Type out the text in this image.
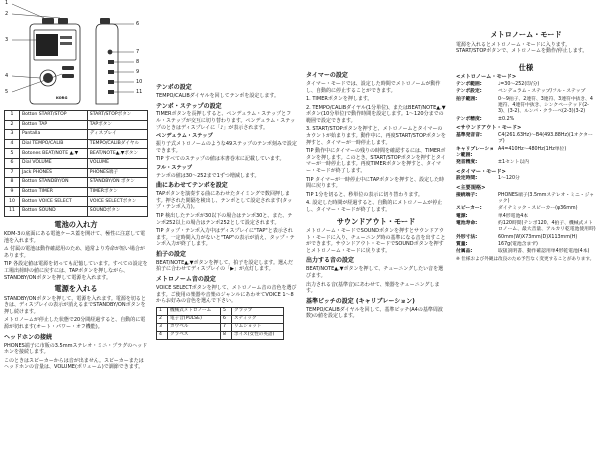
1
2
3
4
5
6
7
8
9
10
11
KDM-3
KORG
1	Botton START/STOP	START/STOPボタン
2	Botton TAP	TAPボタン
3	Pantalla	ディスプレイ
4	Dial TEMPO/CALIB	TEMPO/CALIBダイヤル
5	Botones BEAT/NOTE ▲,▼	BEAT/NOTE▲,▼ボタン
6	Dial VOLUME	VOLUME
7	Jack PHONES	PHONES端子
8	Botton STANDBY/ON	STANDBY/ON ボタン
9	Botton TIMER	TIMERボタン
10	Botton VOICE SELECT	VOICE SELECTボタン
11	Botton SOUND	SOUNDボタン
電池の入れ方

KDM-3の底面にある電池ケース蓋を開けて、極性に注意して電池を入れます。

⚠ 付属の電池は動作確認用のため、通常より寿命が短い場合があります。

TIP 各設定値は電源を切っても記憶しています。すべての設定を工場出荷時の値に戻すには、TAPボタンを押しながら、STANDBY/ONボタンを押して電源を入れます。

電源を入れる

STANDBY/ONボタンを押して、電源を入れます。電源を切るときは、ディスプレイの表示が消えるまでSTANDBY/ONボタンを押し続けます。

メトロノームが停止した状態で20分間経過すると、自動的に電源が切れます(オート・パワー・オフ機能)。

ヘッドホンの接続

PHONES端子に市販の3.5mmステレオ・ミニ・プラグのヘッドホンを接続します。

このときはスピーカーからは音が出ません。スピーカーまたはヘッドホンの音量は、VOLUME(ボリューム)で調節できます。

テンポの設定

TEMPO/CALIBダイヤルを回してテンポを設定します。

テンポ・ステップの設定

TIMERボタンを長押しすると、ペンデュラム・ステップとフル・ステップが交互に切り替わります。ペンデュラム・ステップのときはディスプレイに「♪」が表示されます。

ペンデュラム・ステップ

振り子式メトロノームのような49ステップのテンポ刻みで設定できます。

TIP すべてのステップの値は本書巻末に記載しています。

フル・ステップ

テンポの値は30～252まで1ずつ増減します。

曲にあわせてテンポを設定

TAPボタンを演奏する曲にあわせたタイミングで数回押します。押された間隔を検出し、テンポとして設定されます(タップ・テンポ入力)。

TIP 検出したテンポが30以下の場合はテンポ30と、また、テンポ252以上の場合はテンポ252として設定されます。

TIP タップ・テンポ入力中はディスプレイに"TAP"と表示されます。一定時間入力がないと"TAP"の表示が消え、タップ・テンポ入力が終了します。

拍子の設定

BEAT/NOTE▲,▼ボタンを押して、拍子を設定します。選んだ拍子に合わせてディスプレイの「▶」が点灯します。

メトロノーム音の設定

VOICE SELECTボタンを押して、メトロノーム音の音色を選びます。ご使用の楽器や音楽のジャンルにあわせてVOICE 1～8からお好みの音色を選んで下さい。

1	機械式メトロノーム	5	クラップ
2	電子音(PULSE)	6	スティック
3	カウベル	7	リムショット
4	クラベス	8	ボイス(女性の英語)
タイマーの設定

タイマー・モードでは、設定した時間でメトロノームが動作し、自動的に停止することができます。

1. TIMERボタンを押します。

2. TEMPO/CALIBダイヤル(1分単位)、またはBEAT/NOTE▲,▼ボタン(10分単位)で動作時間を設定します。1～120分までの範囲で設定できます。

3. START/STOPボタンを押すと、メトロノームとタイマーのカウントが始まります。動作中に、再度START/STOPボタンを押すと、タイマーが一時停止します。

TIP 動作中にタイマーの残りの時間を確認するには、TIMERボタンを押します。このとき、START/STOPボタンを押すとタイマーが一時停止します。再度TIMERボタンを押すと、タイマー・モードが終了します。

TIP タイマーが一時停止中にTAPボタンを押すと、設定した時間に戻ります。

TIP 1分を切ると、秒単位の表示に切り替わります。

4. 設定した時間が経過すると、自動的にメトロノームが停止し、タイマー・モードが終了します。

サウンドアウト・モード

メトロノーム・モードでSOUNDボタンを押すとサウンドアウト・モードに入り、チューニング時の基準になる音を出すことができます。サウンドアウト・モードでSOUNDボタンを押すとメトロノーム・モードに戻ります。

出力する音の設定

BEAT/NOTE▲,▼ボタンを押して、チューニングしたい音を選びます。

出力される音(基準音)にあわせて、楽器をチューニングします。

基準ピッチの設定 (キャリブレーション)

TEMPO/CALIBダイヤルを回して、基準ピッチ(A4の基準周波数)の値を設定します。

メトロノーム・モード

電源を入れるとメトロノーム・モードに入ります。START/STOPボタンで、メトロノームを動作/停止します。

仕様
<メトロノーム・モード>
テンポ範囲:	♩=30～252(印/分)
テンポ設定:	ペンデュラム・ステップ/フル・ステップ
拍子範囲:	0～9拍子、2連符、3連符、3連符中抜き、4連符、4連符中抜き、シンクペーテッド(2-3)、(3-2)、ルンバ・クラーベ(2-3)(3-2)
テンポ精度:	±0.2%
<サウンドアウト・モード>
基準発音音:	C4(261.63Hz)～B4(493.88Hz)(1オクターブ)
キャリブレーション範囲:
A4=410Hz～480Hz(1Hz単位)
発音精度:	±1セント以内
<タイマー・モード>
設定時間:	1～120分
<主要規格>
接続端子:	PHONES端子(3.5mmステレオ・ミニ・ジャック)
スピーカー:	ダイナミック・スピーカー(φ36mm)
電源:	単4形電池4本
電池寿命:	約120時間(テンポ120、4拍子、機械式メトロノーム、最大音量、アルカリ乾電池使用時)
外形寸法:	60mm(W)X73mm(D)X113mm(H)
質量:	167g(電池含まず)
付属品:	取扱説明書、動作確認用単4形乾電池(4本)

※ 仕様および外観は改良のため予告なく変更することがあります。
